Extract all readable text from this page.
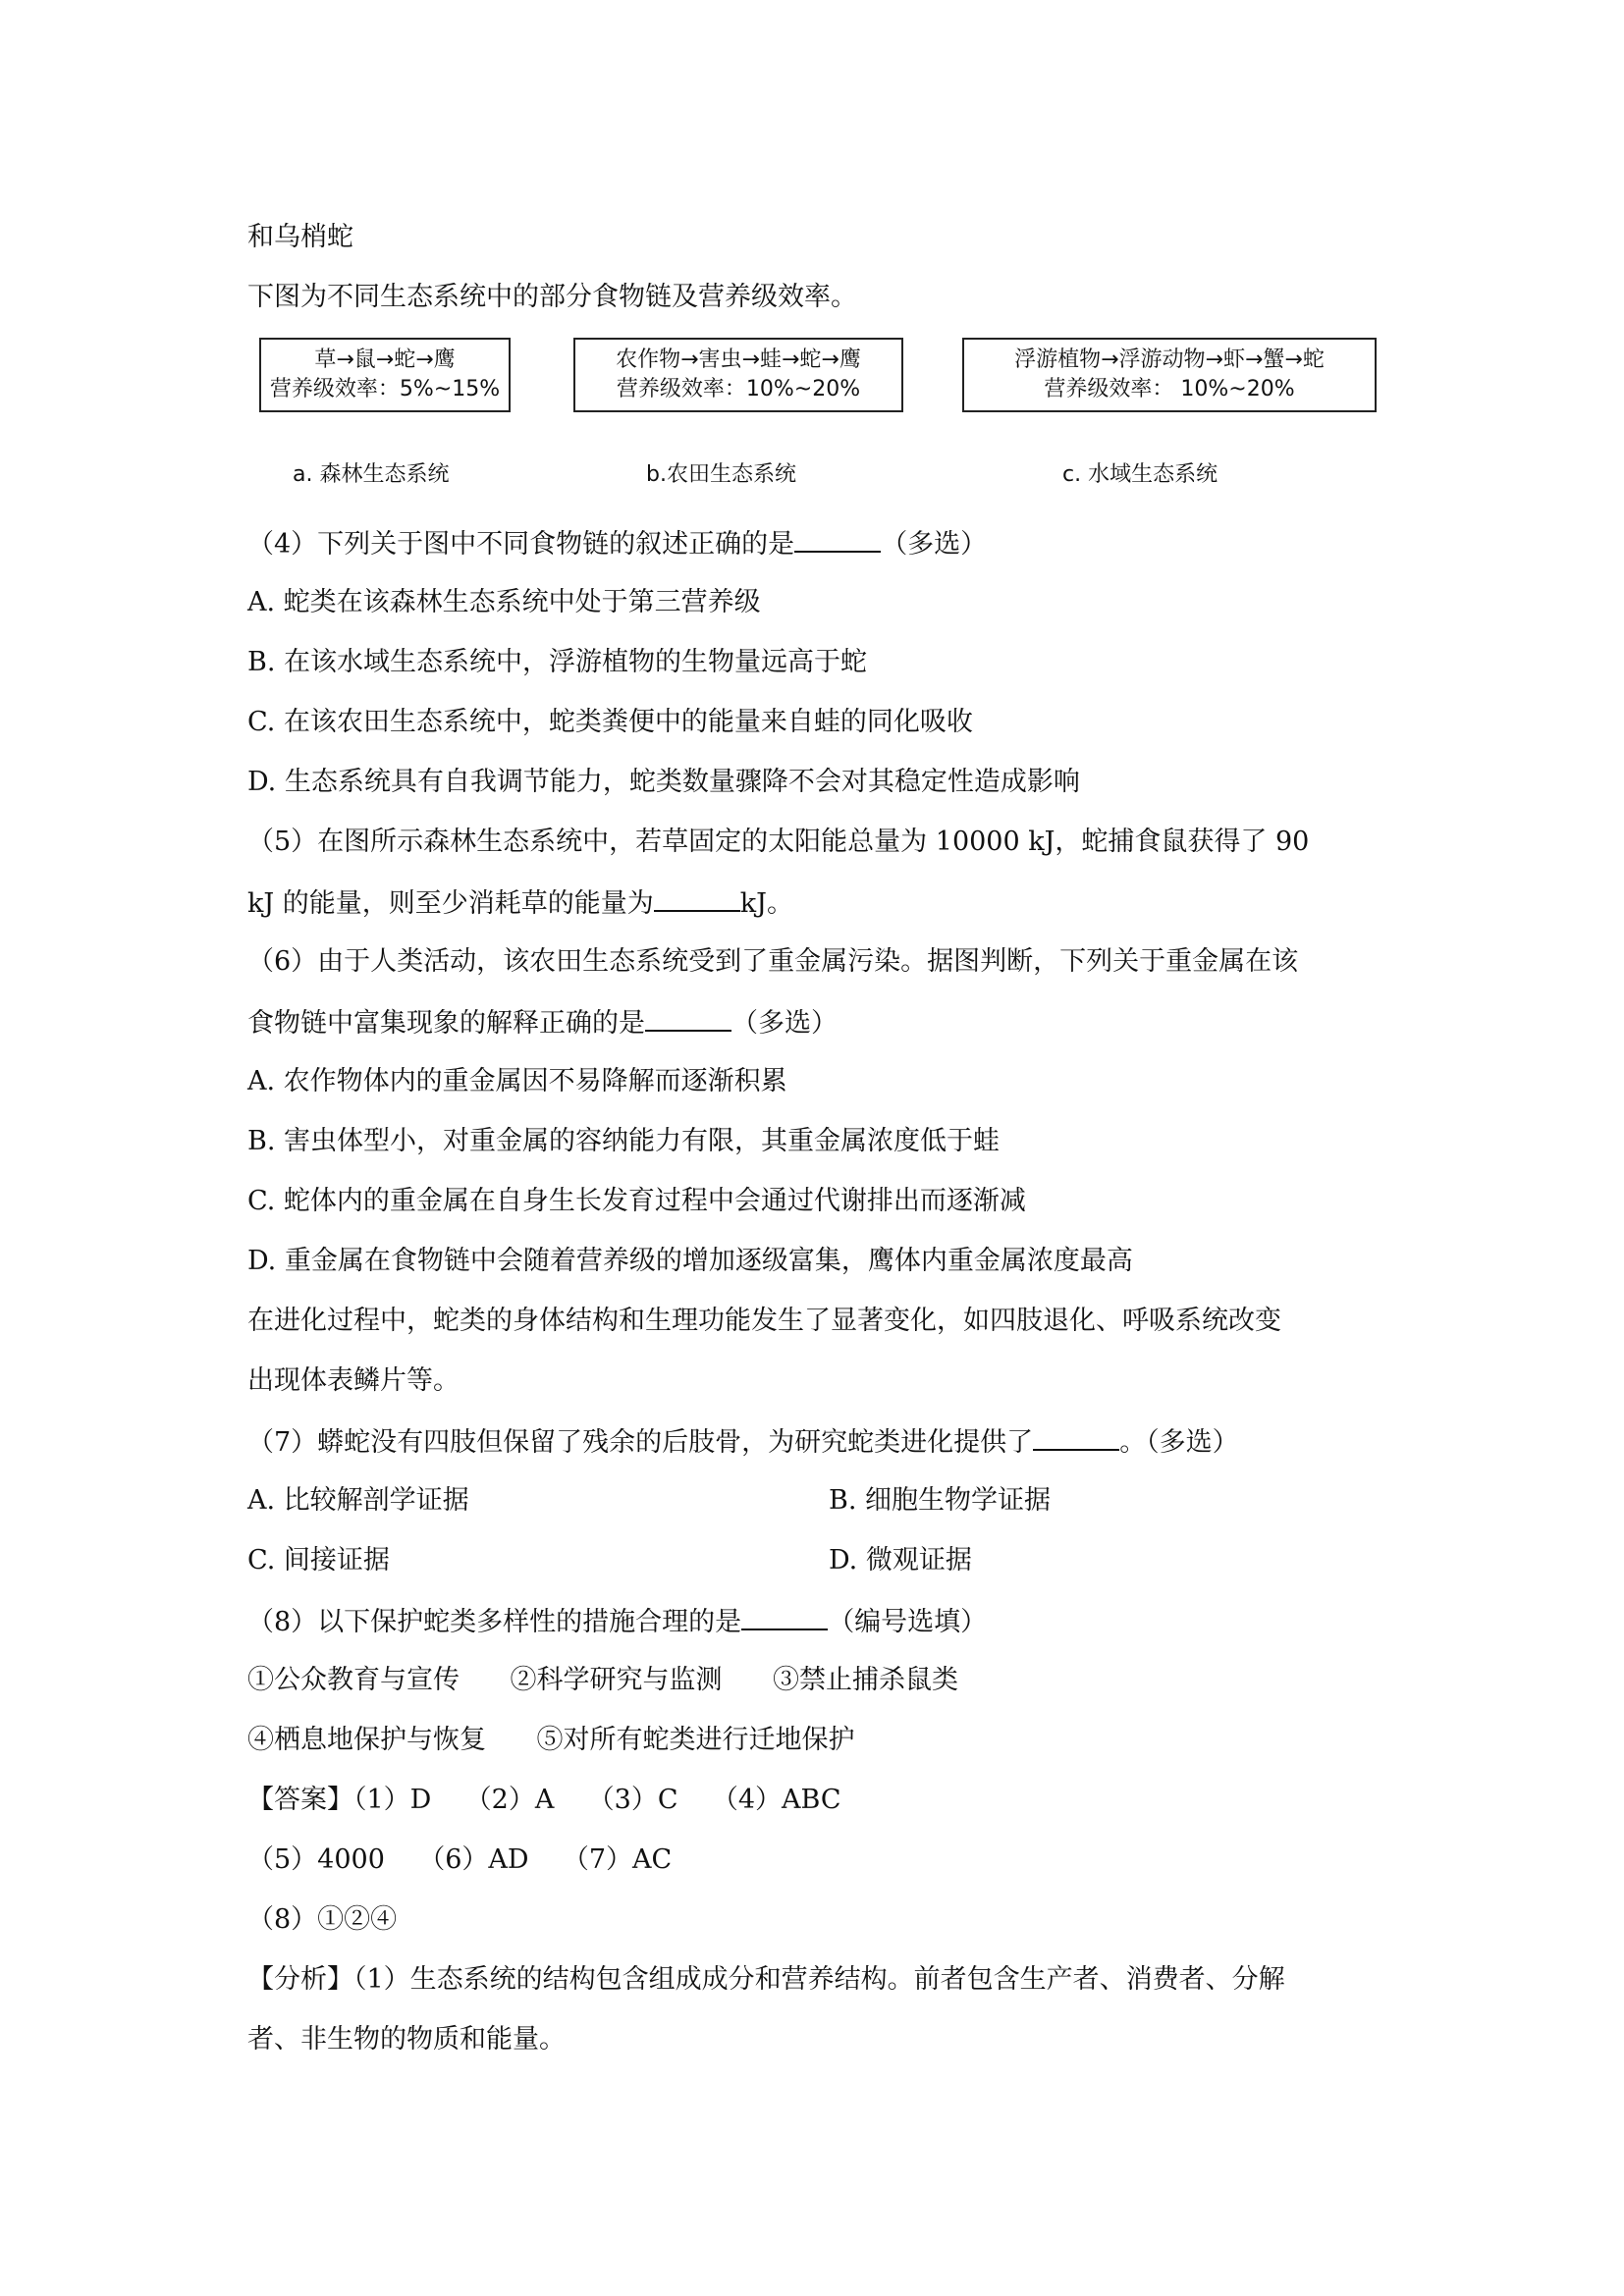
和乌梢蛇
下图为不同生态系统中的部分食物链及营养级效率。
草→鼠→蛇→鹰
营养级效率：5%~15%
农作物→害虫→蛙→蛇→鹰
营养级效率：10%~20%
浮游植物→浮游动物→虾→蟹→蛇
营养级效率： 10%~20%
a. 森林生态系统	b.农田生态系统	c. 水域生态系统
（4）下列关于图中不同食物链的叙述正确的是	（多选）
A. 蛇类在该森林生态系统中处于第三营养级
B. 在该水域生态系统中，浮游植物的生物量远高于蛇
C. 在该农田生态系统中，蛇类粪便中的能量来自蛙的同化吸收
D. 生态系统具有自我调节能力，蛇类数量骤降不会对其稳定性造成影响
（5）在图所示森林生态系统中，若草固定的太阳能总量为 10000 kJ，蛇捕食鼠获得了 90
kJ 的能量，则至少消耗草的能量为	kJ。
（6）由于人类活动，该农田生态系统受到了重金属污染。据图判断，下列关于重金属在该
食物链中富集现象的解释正确的是	（多选）
A. 农作物体内的重金属因不易降解而逐渐积累
B. 害虫体型小，对重金属的容纳能力有限，其重金属浓度低于蛙
C. 蛇体内的重金属在自身生长发育过程中会通过代谢排出而逐渐减
D. 重金属在食物链中会随着营养级的增加逐级富集，鹰体内重金属浓度最高
在进化过程中，蛇类的身体结构和生理功能发生了显著变化，如四肢退化、呼吸系统改变
出现体表鳞片等。
（7）蟒蛇没有四肢但保留了残余的后肢骨，为研究蛇类进化提供了	。（多选）
A. 比较解剖学证据	B. 细胞生物学证据
C. 间接证据	D. 微观证据
（8）以下保护蛇类多样性的措施合理的是	（编号选填）
①公众教育与宣传      ②科学研究与监测      ③禁止捕杀鼠类
④栖息地保护与恢复      ⑤对所有蛇类进行迁地保护
【答案】（1）D    （2）A    （3）C    （4）ABC
（5）4000    （6）AD    （7）AC
（8）①②④
【分析】（1）生态系统的结构包含组成成分和营养结构。前者包含生产者、消费者、分解
者、非生物的物质和能量。
